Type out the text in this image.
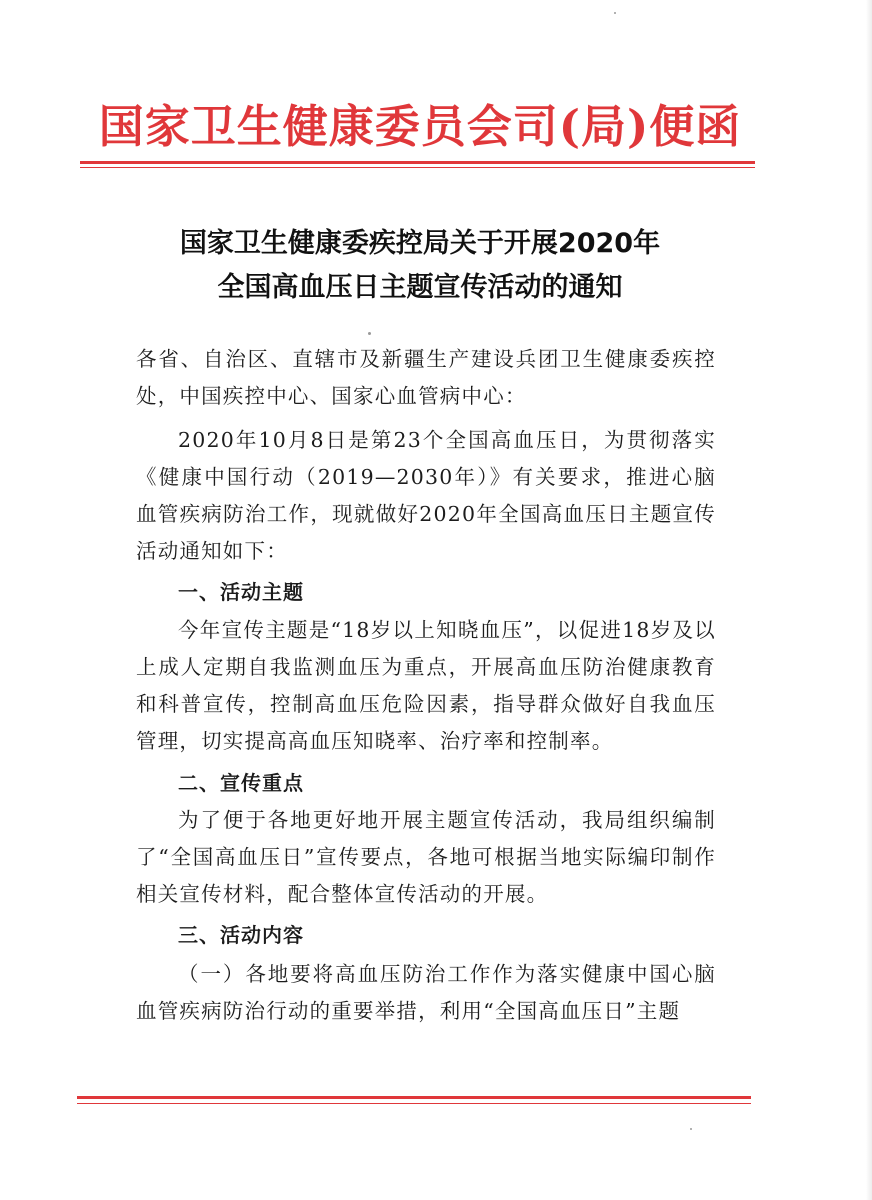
国家卫生健康委员会司(局)便函
国家卫生健康委疾控局关于开展2020年
全国高血压日主题宣传活动的通知
各省、自治区、直辖市及新疆生产建设兵团卫生健康委疾控处，中国疾控中心、国家心血管病中心：
2020年10月8日是第23个全国高血压日，为贯彻落实《健康中国行动（2019—2030年）》有关要求，推进心脑血管疾病防治工作，现就做好2020年全国高血压日主题宣传活动通知如下：
一、活动主题
今年宣传主题是“18岁以上知晓血压”，以促进18岁及以上成人定期自我监测血压为重点，开展高血压防治健康教育和科普宣传，控制高血压危险因素，指导群众做好自我血压管理，切实提高高血压知晓率、治疗率和控制率。
二、宣传重点
为了便于各地更好地开展主题宣传活动，我局组织编制了“全国高血压日”宣传要点，各地可根据当地实际编印制作相关宣传材料，配合整体宣传活动的开展。
三、活动内容
（一）各地要将高血压防治工作作为落实健康中国心脑血管疾病防治行动的重要举措，利用“全国高血压日”主题
